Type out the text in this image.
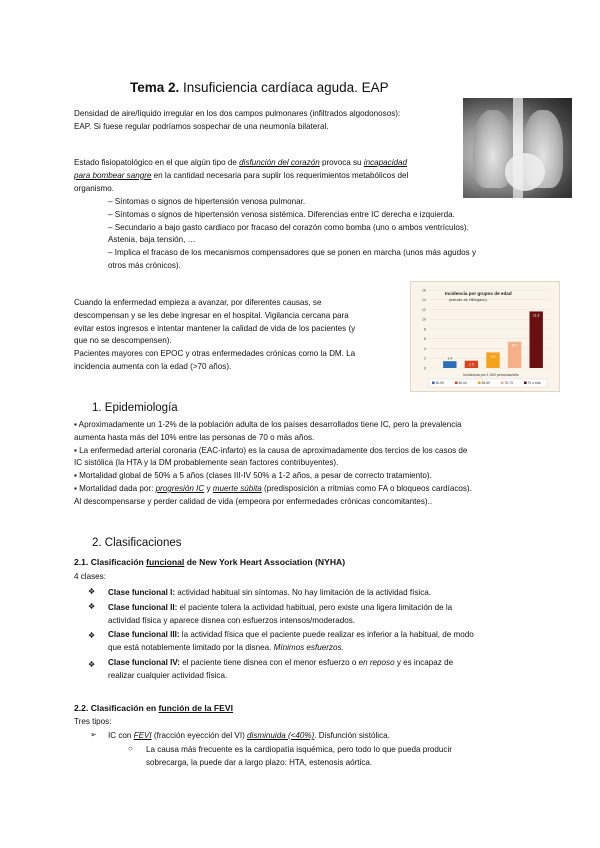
Tema 2. Insuficiencia cardíaca aguda. EAP
Densidad de aire/líquido irregular en los dos campos pulmonares (infiltrados algodonosos):
EAP. Si fuese regular podríamos sospechar de una neumonía bilateral.
Estado fisiopatológico en el que algún tipo de disfunción del corazón provoca su incapacidad
para bombear sangre en la cantidad necesaria para suplir los requerimientos metabólicos del
organismo.
– Síntomas o signos de hipertensión venosa pulmonar.
– Síntomas o signos de hipertensión venosa sistémica. Diferencias entre IC derecha e izquierda.
– Secundario a bajo gasto cardiaco por fracaso del corazón como bomba (uno o ambos ventrículos).
Astenia, baja tensión, …
– Implica el fracaso de los mecanismos compensadores que se ponen en marcha (unos más agudos y
otros más crónicos).
Cuando la enfermedad empieza a avanzar, por diferentes causas, se
descompensan y se les debe ingresar en el hospital. Vigilancia cercana para
evitar estos ingresos e intentar mantener la calidad de vida de los pacientes (y
que no se descompensen).
Pacientes mayores con EPOC y otras enfermedades crónicas como la DM. La
incidencia aumenta con la edad (>70 años).
Incidencia por grupos de edad
(estudio de Hillingdon)
0
2
4
6
8
10
12
14
16
1.4
1.5
3.2
5.4
11.6
Incidencia por 1.000 personas/año
50-59	60-64	65-69	70-74	75 o más
1. Epidemiología
▪ Aproximadamente un 1-2% de la población adulta de los países desarrollados tiene IC, pero la prevalencia
aumenta hasta más del 10% entre las personas de 70 o más años.
▪ La enfermedad arterial coronaria (EAC-infarto) es la causa de aproximadamente dos tercios de los casos de
IC sistólica (la HTA y la DM probablemente sean factores contribuyentes).
▪ Mortalidad global de 50% a 5 años (clases III-IV 50% a 1-2 años, a pesar de correcto tratamiento).
▪ Mortalidad dada por: progresión IC y muerte súbita (predisposición a rritmias como FA o bloqueos cardíacos).
Al descompensarse y perder calidad de vida (empeora por enfermedades crónicas concomitantes)..
2. Clasificaciones
2.1. Clasificación funcional de New York Heart Association (NYHA)
4 clases:
❖
❖
❖
❖
Clase funcional I: actividad habitual sin síntomas. No hay limitación de la actividad física.
Clase funcional II: el paciente tolera la actividad habitual, pero existe una ligera limitación de la
actividad física y aparece disnea con esfuerzos intensos/moderados.
Clase funcional III: la actividad física que el paciente puede realizar es inferior a la habitual, de modo
que está notablemente limitado por la disnea. Mínimos esfuerzos.
Clase funcional IV: el paciente tiene disnea con el menor esfuerzo o en reposo y es incapaz de
realizar cualquier actividad física.
2.2. Clasificación en función de la FEVI
Tres tipos:
➢ IC con FEVI (fracción eyección del VI) disminuida (<40%). Disfunción sistólica.
○ La causa más frecuente es la cardiopatía isquémica, pero todo lo que pueda producir
sobrecarga, la puede dar a largo plazo: HTA, estenosis aórtica.
